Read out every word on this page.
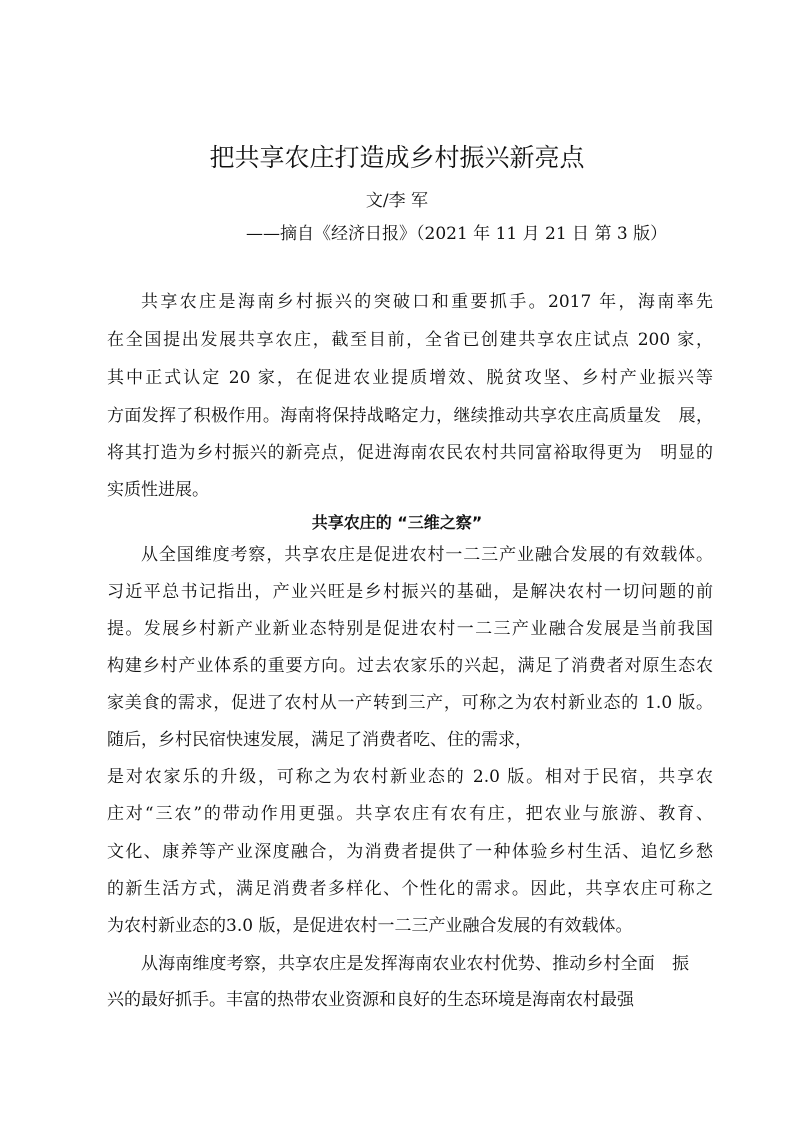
把共享农庄打造成乡村振兴新亮点
文/李 军
——摘自《经济日报》（2021 年 11 月 21 日 第 3 版）
共享农庄是海南乡村振兴的突破口和重要抓手。2017 年，海南率先
在全国提出发展共享农庄，截至目前，全省已创建共享农庄试点 200 家，
其中正式认定 20 家，在促进农业提质增效、脱贫攻坚、乡村产业振兴等
方面发挥了积极作用。海南将保持战略定力，继续推动共享农庄高质量发　展，
将其打造为乡村振兴的新亮点，促进海南农民农村共同富裕取得更为　明显的
实质性进展。
共享农庄的 “三维之察”
从全国维度考察，共享农庄是促进农村一二三产业融合发展的有效载体。
习近平总书记指出，产业兴旺是乡村振兴的基础，是解决农村一切问题的前
提。发展乡村新产业新业态特别是促进农村一二三产业融合发展是当前我国
构建乡村产业体系的重要方向。过去农家乐的兴起，满足了消费者对原生态农
家美食的需求，促进了农村从一产转到三产，可称之为农村新业态的 1.0 版。
随后，乡村民宿快速发展，满足了消费者吃、住的需求，
是对农家乐的升级，可称之为农村新业态的 2.0 版。相对于民宿，共享农
庄对“三农”的带动作用更强。共享农庄有农有庄，把农业与旅游、教育、
文化、康养等产业深度融合，为消费者提供了一种体验乡村生活、追忆乡愁
的新生活方式，满足消费者多样化、个性化的需求。因此，共享农庄可称之
为农村新业态的3.0 版，是促进农村一二三产业融合发展的有效载体。
从海南维度考察，共享农庄是发挥海南农业农村优势、推动乡村全面　振
兴的最好抓手。丰富的热带农业资源和良好的生态环境是海南农村最强
